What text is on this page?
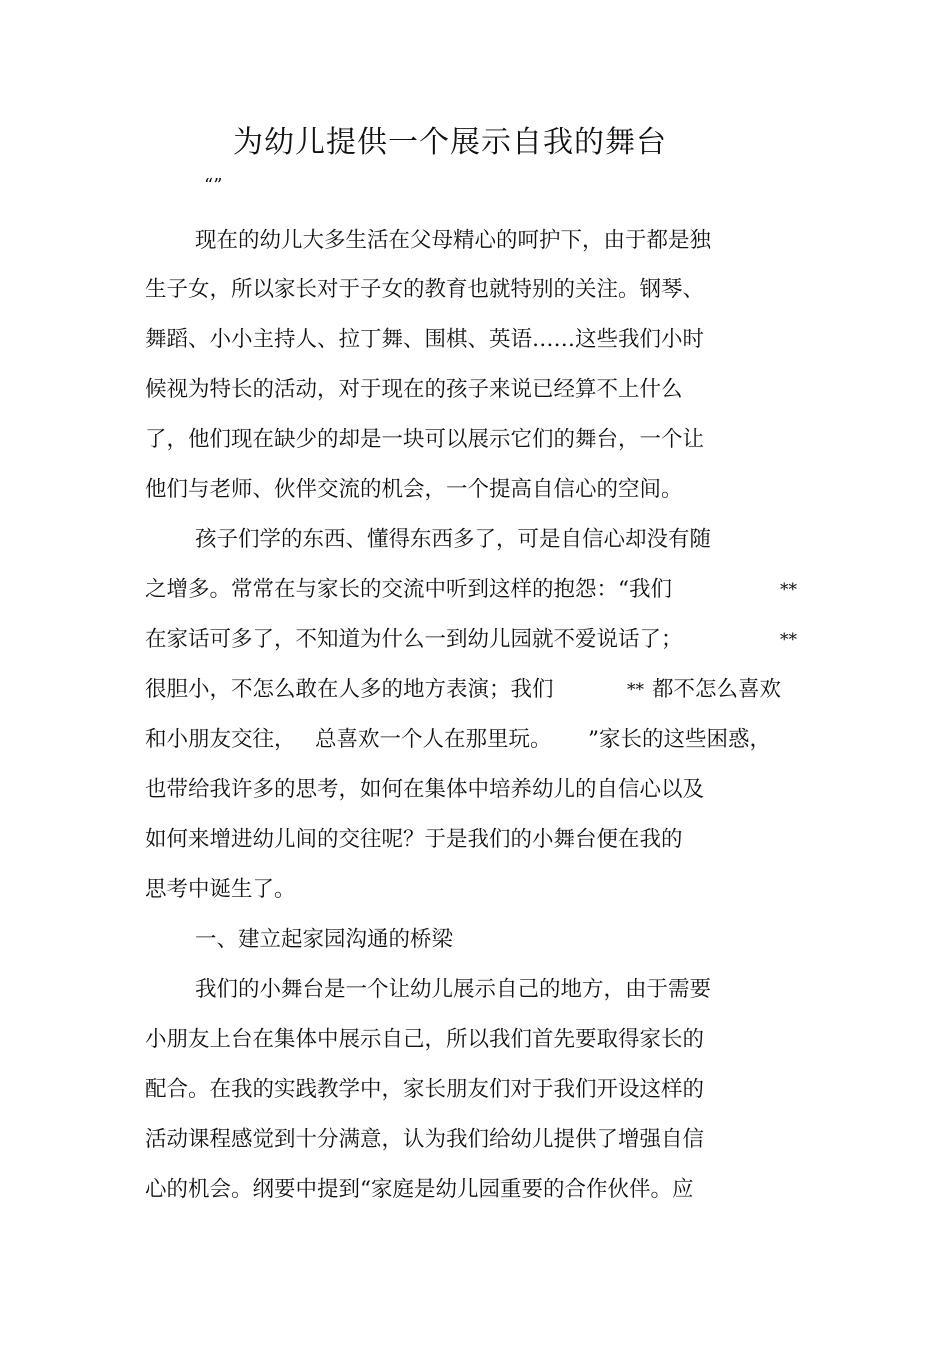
为幼儿提供一个展示自我的舞台
“”
现在的幼儿大多生活在父母精心的呵护下，由于都是独
生子女，所以家长对于子女的教育也就特别的关注。钢琴、
舞蹈、小小主持人、拉丁舞、围棋、英语……这些我们小时
候视为特长的活动，对于现在的孩子来说已经算不上什么
了，他们现在缺少的却是一块可以展示它们的舞台，一个让
他们与老师、伙伴交流的机会，一个提高自信心的空间。
孩子们学的东西、懂得东西多了，可是自信心却没有随
之增多。常常在与家长的交流中听到这样的抱怨：“我们	**
在家话可多了，不知道为什么一到幼儿园就不爱说话了；	**
很胆小，不怎么敢在人多的地方表演；我们	** 都不怎么喜欢
和小朋友交往， 总喜欢一个人在那里玩。 ”家长的这些困惑，
也带给我许多的思考，如何在集体中培养幼儿的自信心以及
如何来增进幼儿间的交往呢？于是我们的小舞台便在我的
思考中诞生了。
一、建立起家园沟通的桥梁
我们的小舞台是一个让幼儿展示自己的地方，由于需要
小朋友上台在集体中展示自己，所以我们首先要取得家长的
配合。在我的实践教学中，家长朋友们对于我们开设这样的
活动课程感觉到十分满意，认为我们给幼儿提供了增强自信
心的机会。纲要中提到“家庭是幼儿园重要的合作伙伴。应
